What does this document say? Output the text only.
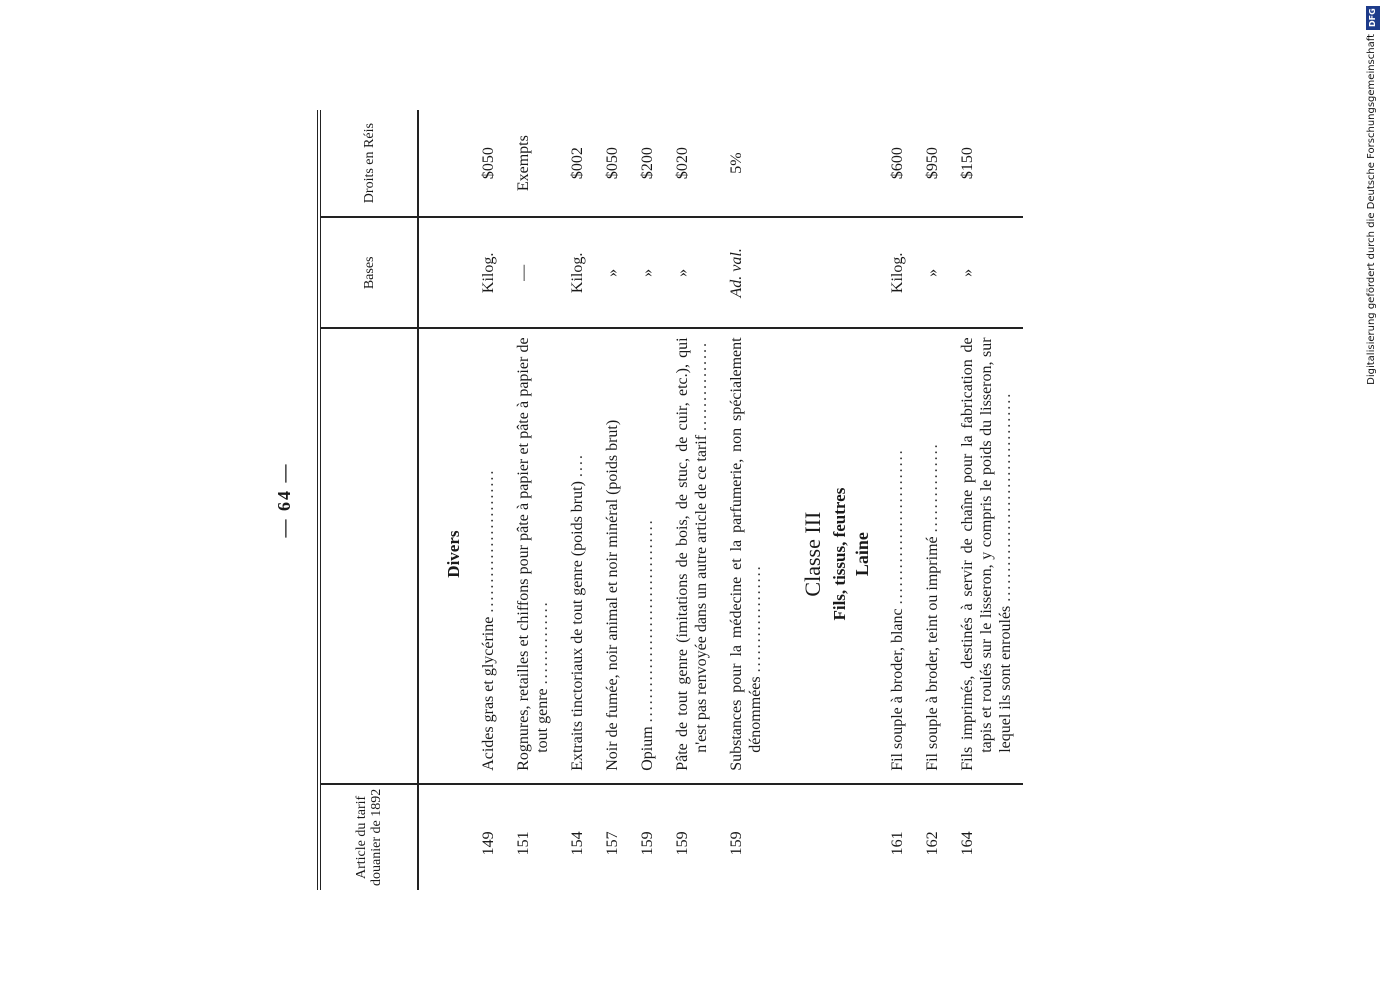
— 64 —
Article du tarif douanier de 1892		Bases	Droits en Réis

	Divers		

149	Acides gras et glycérine ........................	Kilog.	$050
151	Rognures, retailles et chiffons pour pâte à papier et pâte à papier de tout genre ..............	—	Exempts
154	Extraits tinctoriaux de tout genre (poids brut) ....	Kilog.	$002
157	Noir de fumée, noir animal et noir minéral (poids brut)	»	$050
159	Opium ..................................	»	$200
159	Pâte de tout genre (imitations de bois, de stuc, de cuir, etc.), qui n'est pas renvoyée dans un autre article de ce tarif ...............	»	$020
159	Substances pour la médecine et la parfumerie, non spécialement dénommées ..................	Ad. val.	5%

	Classe III Fils, tissus, feutres Laine		

161	Fil souple à broder, blanc ..........................	Kilog.	$600
162	Fil souple à broder, teint ou imprimé ...............	»	$950
164	Fils imprimés, destinés à servir de chaîne pour la fabrication de tapis et roulés sur le lisseron, y compris le poids du lisseron, sur lequel ils sont enroulés ...................................	»	$150
DFG
Digitalisierung gefördert durch die Deutsche Forschungsgemeinschaft
